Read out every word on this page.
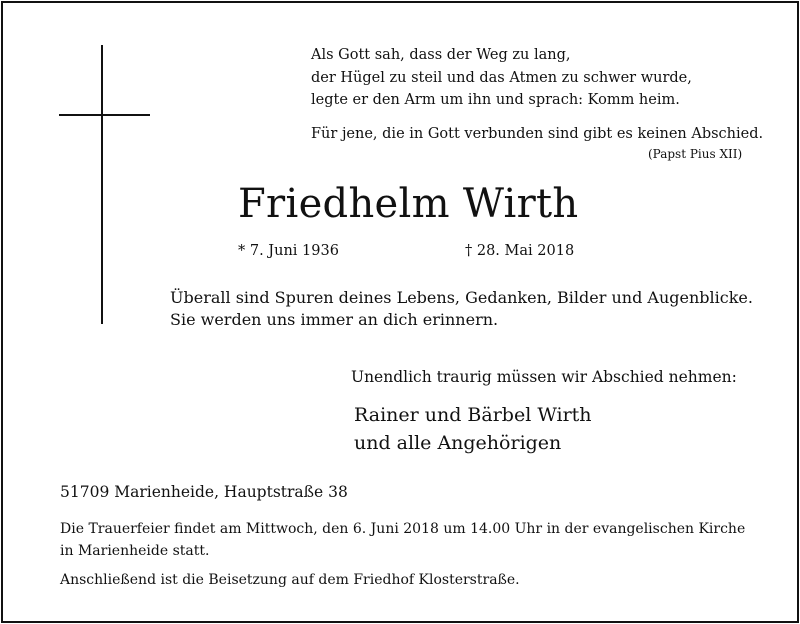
Als Gott sah, dass der Weg zu lang,
der Hügel zu steil und das Atmen zu schwer wurde,
legte er den Arm um ihn und sprach: Komm heim.
Für jene, die in Gott verbunden sind gibt es keinen Abschied.
(Papst Pius XII)
Friedhelm Wirth
* 7. Juni 1936	† 28. Mai 2018
Überall sind Spuren deines Lebens, Gedanken, Bilder und Augenblicke.
Sie werden uns immer an dich erinnern.
Unendlich traurig müssen wir Abschied nehmen:
Rainer und Bärbel Wirth
und alle Angehörigen
51709 Marienheide, Hauptstraße 38
Die Trauerfeier findet am Mittwoch, den 6. Juni 2018 um 14.00 Uhr in der evangelischen Kirche
in Marienheide statt.
Anschließend ist die Beisetzung auf dem Friedhof Klosterstraße.
